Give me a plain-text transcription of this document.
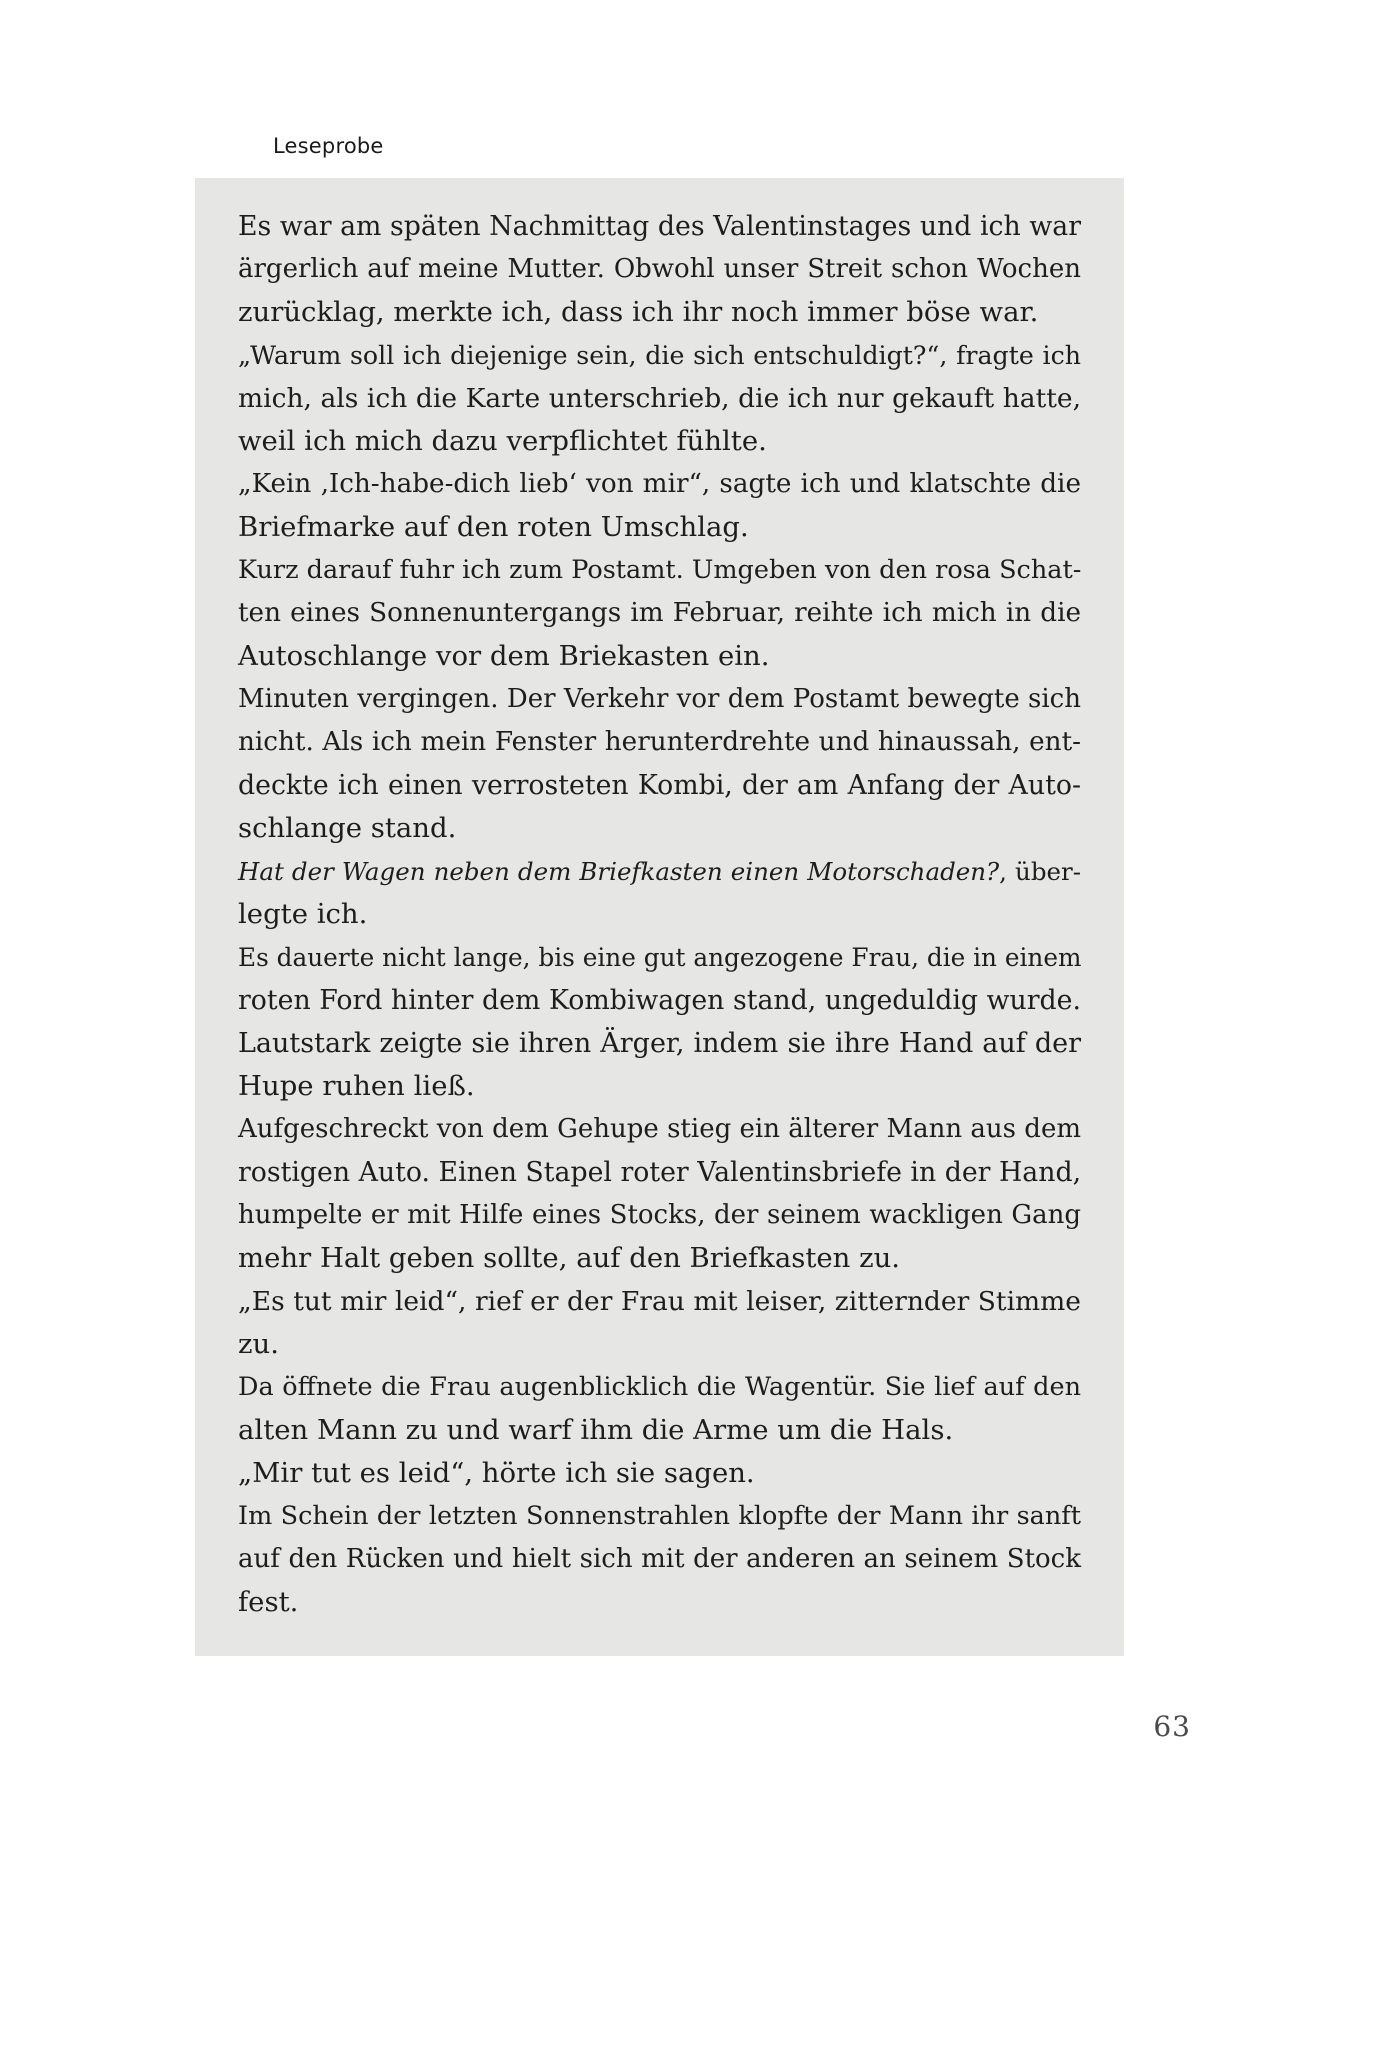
Leseprobe
Es war am späten Nachmittag des Valentinstages und ich war
ärgerlich auf meine Mutter. Obwohl unser Streit schon Wochen
zurücklag, merkte ich, dass ich ihr noch immer böse war.
„Warum soll ich diejenige sein, die sich entschuldigt?“, fragte ich
mich, als ich die Karte unterschrieb, die ich nur gekauft hatte,
weil ich mich dazu verpflichtet fühlte.
„Kein ‚Ich-habe-dich lieb‘ von mir“, sagte ich und klatschte die
Briefmarke auf den roten Umschlag.
Kurz darauf fuhr ich zum Postamt. Umgeben von den rosa Schat-
ten eines Sonnenuntergangs im Februar, reihte ich mich in die
Autoschlange vor dem Briekasten ein.
Minuten vergingen. Der Verkehr vor dem Postamt bewegte sich
nicht. Als ich mein Fenster herunterdrehte und hinaussah, ent-
deckte ich einen verrosteten Kombi, der am Anfang der Auto-
schlange stand.
Hat der Wagen neben dem Briefkasten einen Motorschaden?, über-
legte ich.
Es dauerte nicht lange, bis eine gut angezogene Frau, die in einem
roten Ford hinter dem Kombiwagen stand, ungeduldig wurde.
Lautstark zeigte sie ihren Ärger, indem sie ihre Hand auf der
Hupe ruhen ließ.
Aufgeschreckt von dem Gehupe stieg ein älterer Mann aus dem
rostigen Auto. Einen Stapel roter Valentinsbriefe in der Hand,
humpelte er mit Hilfe eines Stocks, der seinem wackligen Gang
mehr Halt geben sollte, auf den Briefkasten zu.
„Es tut mir leid“, rief er der Frau mit leiser, zitternder Stimme
zu.
Da öffnete die Frau augenblicklich die Wagentür. Sie lief auf den
alten Mann zu und warf ihm die Arme um die Hals.
„Mir tut es leid“, hörte ich sie sagen.
Im Schein der letzten Sonnenstrahlen klopfte der Mann ihr sanft
auf den Rücken und hielt sich mit der anderen an seinem Stock
fest.
63
